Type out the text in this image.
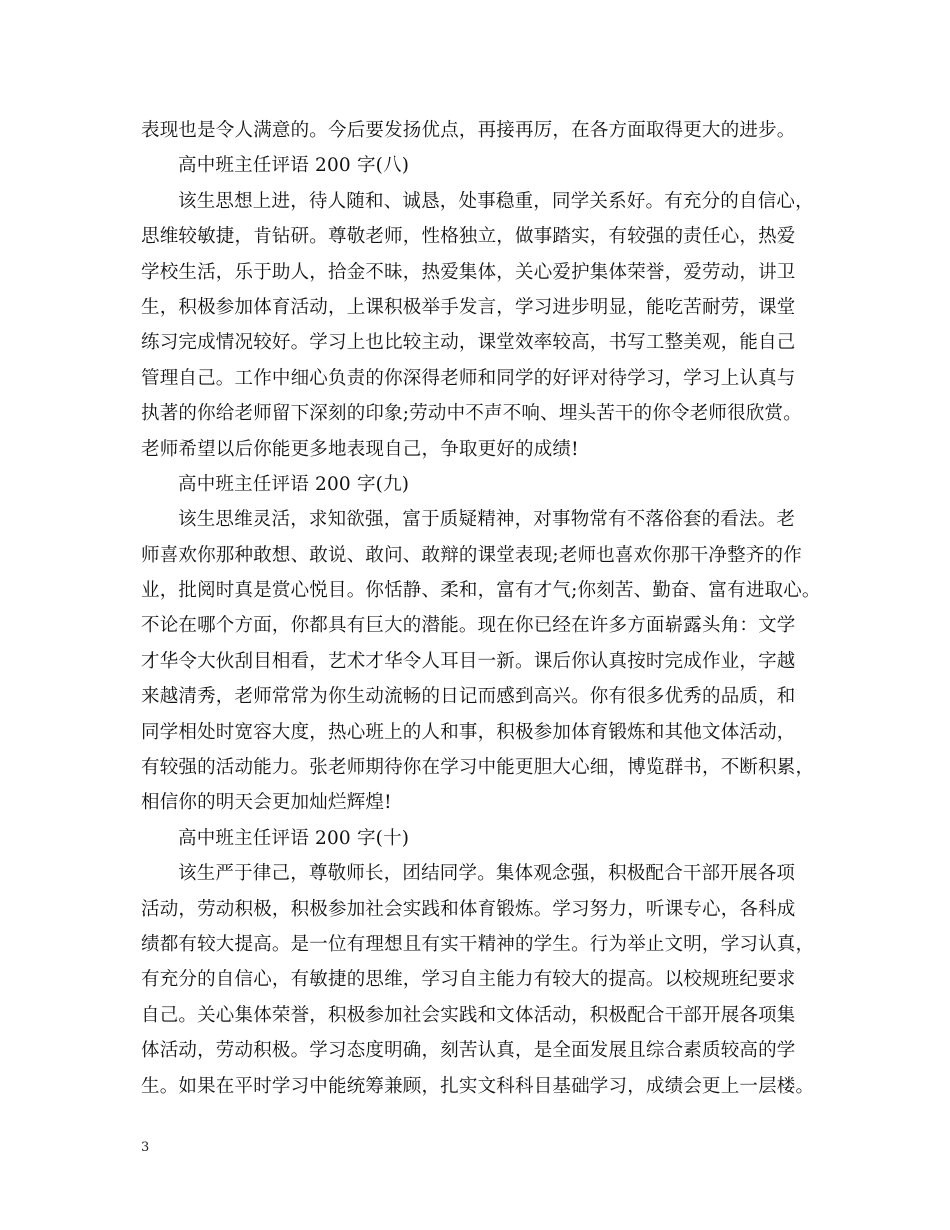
表现也是令人满意的。今后要发扬优点，再接再厉，在各方面取得更大的进步。
高中班主任评语 200 字(八)
该生思想上进，待人随和、诚恳，处事稳重，同学关系好。有充分的自信心，
思维较敏捷，肯钻研。尊敬老师，性格独立，做事踏实，有较强的责任心，热爱
学校生活，乐于助人，拾金不昧，热爱集体，关心爱护集体荣誉，爱劳动，讲卫
生，积极参加体育活动，上课积极举手发言，学习进步明显，能吃苦耐劳，课堂
练习完成情况较好。学习上也比较主动，课堂效率较高，书写工整美观，能自己
管理自己。工作中细心负责的你深得老师和同学的好评对待学习，学习上认真与
执著的你给老师留下深刻的印象;劳动中不声不响、埋头苦干的你令老师很欣赏。
老师希望以后你能更多地表现自己，争取更好的成绩!
高中班主任评语 200 字(九)
该生思维灵活，求知欲强，富于质疑精神，对事物常有不落俗套的看法。老
师喜欢你那种敢想、敢说、敢问、敢辩的课堂表现;老师也喜欢你那干净整齐的作
业，批阅时真是赏心悦目。你恬静、柔和，富有才气;你刻苦、勤奋、富有进取心。
不论在哪个方面，你都具有巨大的潜能。现在你已经在许多方面崭露头角：文学
才华令大伙刮目相看，艺术才华令人耳目一新。课后你认真按时完成作业，字越
来越清秀，老师常常为你生动流畅的日记而感到高兴。你有很多优秀的品质，和
同学相处时宽容大度，热心班上的人和事，积极参加体育锻炼和其他文体活动，
有较强的活动能力。张老师期待你在学习中能更胆大心细，博览群书，不断积累，
相信你的明天会更加灿烂辉煌!
高中班主任评语 200 字(十)
该生严于律己，尊敬师长，团结同学。集体观念强，积极配合干部开展各项
活动，劳动积极，积极参加社会实践和体育锻炼。学习努力，听课专心，各科成
绩都有较大提高。是一位有理想且有实干精神的学生。行为举止文明，学习认真，
有充分的自信心，有敏捷的思维，学习自主能力有较大的提高。以校规班纪要求
自己。关心集体荣誉，积极参加社会实践和文体活动，积极配合干部开展各项集
体活动，劳动积极。学习态度明确，刻苦认真，是全面发展且综合素质较高的学
生。如果在平时学习中能统筹兼顾，扎实文科科目基础学习，成绩会更上一层楼。
3
